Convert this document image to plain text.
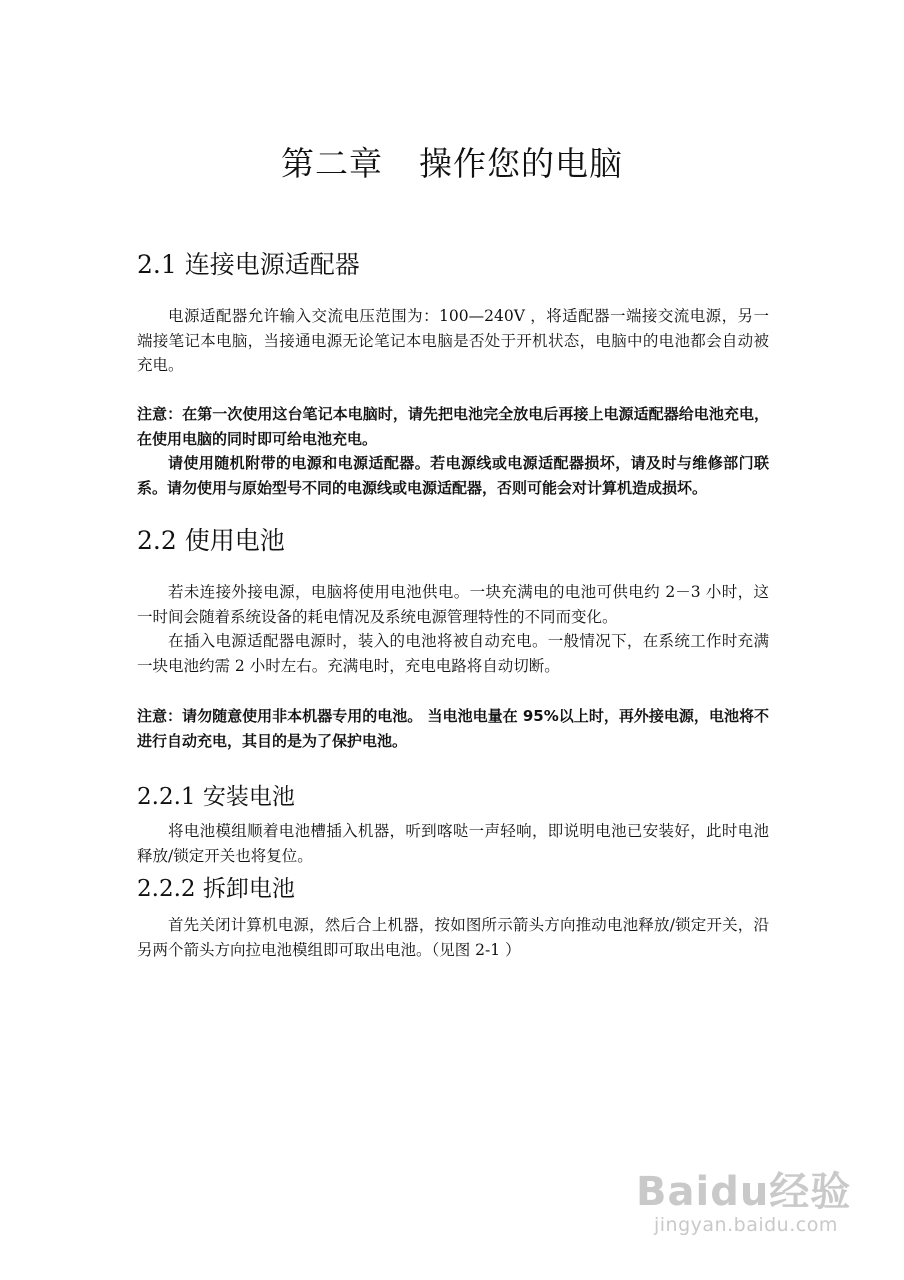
第二章 操作您的电脑
2.1 连接电源适配器

电源适配器允许输入交流电压范围为：100—240V ，将适配器一端接交流电源，另一端接笔记本电脑，当接通电源无论笔记本电脑是否处于开机状态，电脑中的电池都会自动被充电。

注意：在第一次使用这台笔记本电脑时，请先把电池完全放电后再接上电源适配器给电池充电，在使用电脑的同时即可给电池充电。

请使用随机附带的电源和电源适配器。若电源线或电源适配器损坏，请及时与维修部门联系。请勿使用与原始型号不同的电源线或电源适配器，否则可能会对计算机造成损坏。

2.2 使用电池

若未连接外接电源，电脑将使用电池供电。一块充满电的电池可供电约 2－3 小时，这一时间会随着系统设备的耗电情况及系统电源管理特性的不同而变化。

在插入电源适配器电源时，装入的电池将被自动充电。一般情况下，在系统工作时充满一块电池约需 2 小时左右。充满电时，充电电路将自动切断。

注意：请勿随意使用非本机器专用的电池。 当电池电量在 95%以上时，再外接电源，电池将不进行自动充电，其目的是为了保护电池。

2.2.1 安装电池

将电池模组顺着电池槽插入机器，听到喀哒一声轻响，即说明电池已安装好，此时电池释放/锁定开关也将复位。

2.2.2 拆卸电池

首先关闭计算机电源，然后合上机器，按如图所示箭头方向推动电池释放/锁定开关，沿另两个箭头方向拉电池模组即可取出电池。（见图 2-1 ）

Baidu经验
jingyan.baidu.com
